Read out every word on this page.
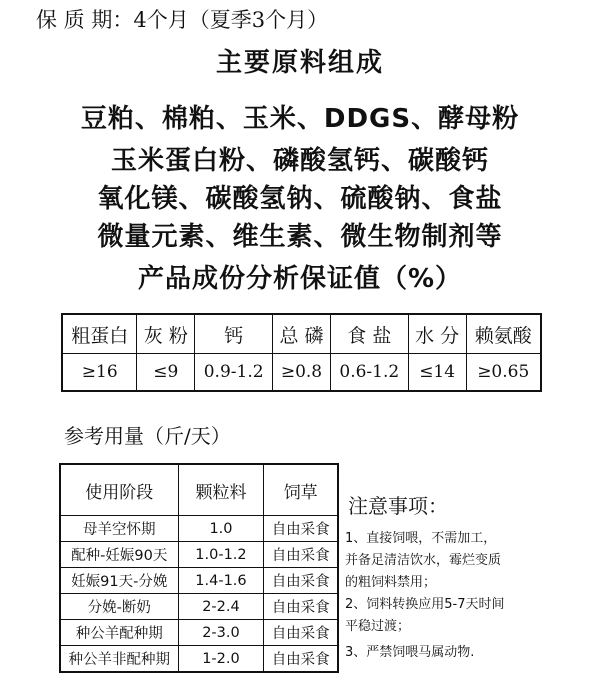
保 质 期：4个月（夏季3个月）
主要原料组成
豆粕、棉粕、玉米、DDGS、酵母粉
玉米蛋白粉、磷酸氢钙、碳酸钙
氧化镁、碳酸氢钠、硫酸钠、食盐
微量元素、维生素、微生物制剂等
产品成份分析保证值（%）
粗蛋白	灰 粉	钙	总 磷	食 盐	水 分	赖氨酸
≥16	≤9	0.9-1.2	≥0.8	0.6-1.2	≤14	≥0.65
参考用量（斤/天）
使用阶段	颗粒料	饲草
母羊空怀期	1.0	自由采食
配种-妊娠90天	1.0-1.2	自由采食
妊娠91天-分娩	1.4-1.6	自由采食
分娩-断奶	2-2.4	自由采食
种公羊配种期	2-3.0	自由采食
种公羊非配种期	1-2.0	自由采食
注意事项：
1、直接饲喂，不需加工，
并备足清洁饮水，霉烂变质
的粗饲料禁用；
2、饲料转换应用5-7天时间
平稳过渡；
3、严禁饲喂马属动物.
